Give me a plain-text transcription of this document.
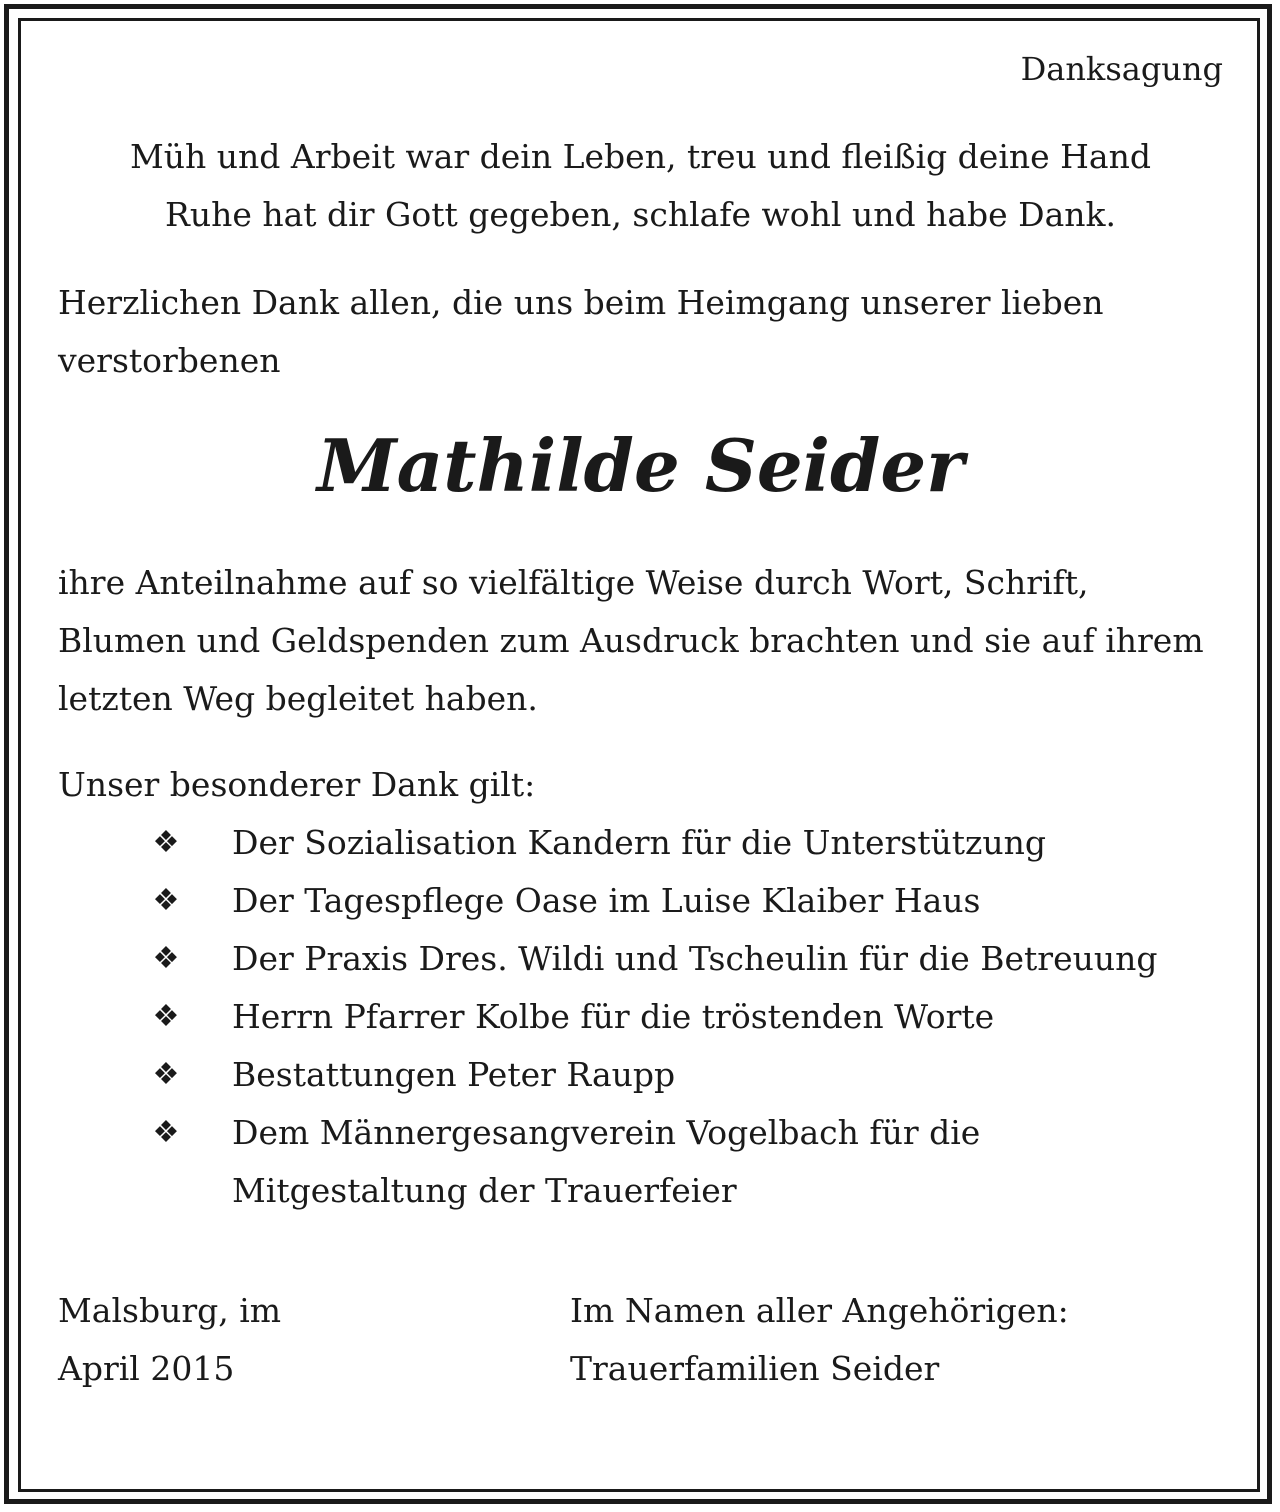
Danksagung
Müh und Arbeit war dein Leben, treu und fleißig deine Hand
Ruhe hat dir Gott gegeben, schlafe wohl und habe Dank.
Herzlichen Dank allen, die uns beim Heimgang unserer lieben verstorbenen
Mathilde Seider
ihre Anteilnahme auf so vielfältige Weise durch Wort, Schrift, Blumen und Geldspenden zum Ausdruck brachten und sie auf ihrem letzten Weg begleitet haben.
Unser besonderer Dank gilt:
❖ Der Sozialisation Kandern für die Unterstützung
❖ Der Tagespflege Oase im Luise Klaiber Haus
❖ Der Praxis Dres. Wildi und Tscheulin für die Betreuung
❖ Herrn Pfarrer Kolbe für die tröstenden Worte
❖ Bestattungen Peter Raupp
❖ Dem Männergesangverein Vogelbach für die Mitgestaltung der Trauerfeier
Malsburg, im
April 2015
Im Namen aller Angehörigen:
Trauerfamilien Seider
